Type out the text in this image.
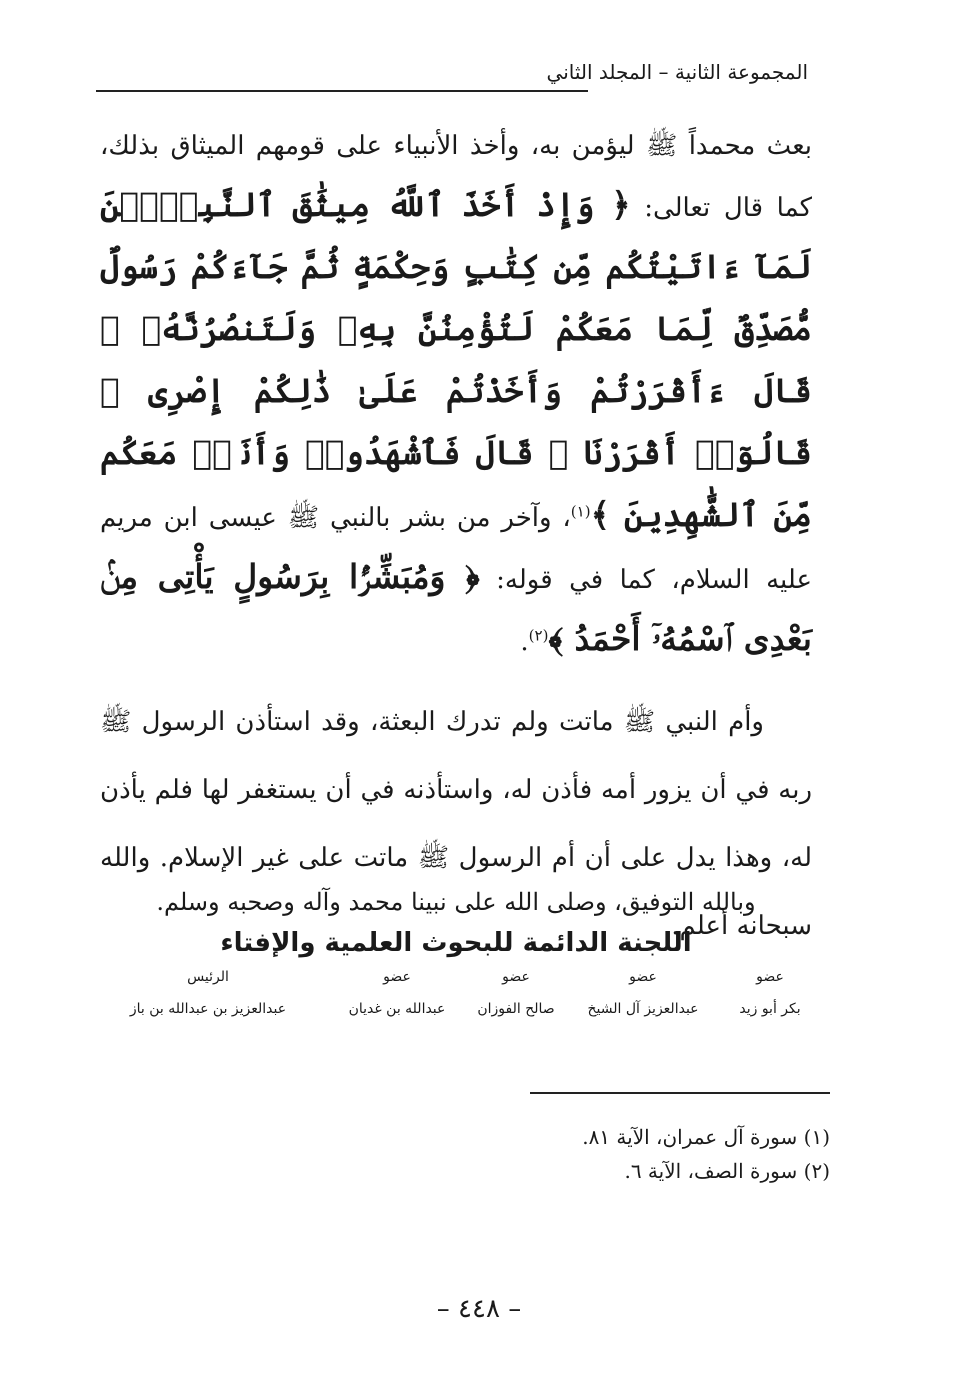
المجموعة الثانية – المجلد الثاني

بعث محمداً ﷺ ليؤمن به، وأخذ الأنبياء على قومهم الميثاق بذلك، كما قال تعالى: ﴿ وَإِذْ أَخَذَ ٱللَّهُ مِيثَٰقَ ٱلنَّبِيِّۧنَ لَمَآ ءَاتَيْتُكُم مِّن كِتَٰبٍ وَحِكْمَةٍ ثُمَّ جَآءَكُمْ رَسُولٌ مُّصَدِّقٌ لِّمَا مَعَكُمْ لَتُؤْمِنُنَّ بِهِۦ وَلَتَنصُرُنَّهُۥ ۚ قَالَ ءَأَقْرَرْتُمْ وَأَخَذْتُمْ عَلَىٰ ذَٰلِكُمْ إِصْرِى ۖ قَالُوٓا۟ أَقْرَرْنَا ۚ قَالَ فَٱشْهَدُوا۟ وَأَنَا۠ مَعَكُم مِّنَ ٱلشَّٰهِدِينَ ﴾$^{(١)}$، وآخر من بشر بالنبي ﷺ عيسى ابن مريم عليه السلام، كما في قوله: ﴿ وَمُبَشِّرًۢا بِرَسُولٍ يَأْتِى مِنۢ بَعْدِى ٱسْمُهُۥٓ أَحْمَدُ ﴾$^{(٢)}$.

وأم النبي ﷺ ماتت ولم تدرك البعثة، وقد استأذن الرسول ﷺ ربه في أن يزور أمه فأذن له، واستأذنه في أن يستغفر لها فلم يأذن له، وهذا يدل على أن أم الرسول ﷺ ماتت على غير الإسلام. والله سبحانه أعلم.

وبالله التوفيق، وصلى الله على نبينا محمد وآله وصحبه وسلم.
اللجنة الدائمة للبحوث العلمية والإفتاء
عضو
بكر أبو زيد
عضو
عبدالعزيز آل الشيخ
عضو
صالح الفوزان
عضو
عبدالله بن غديان
الرئيس
عبدالعزيز بن عبدالله بن باز

(١) سورة آل عمران، الآية ٨١.

(٢) سورة الصف، الآية ٦.

– ٤٤٨ –
